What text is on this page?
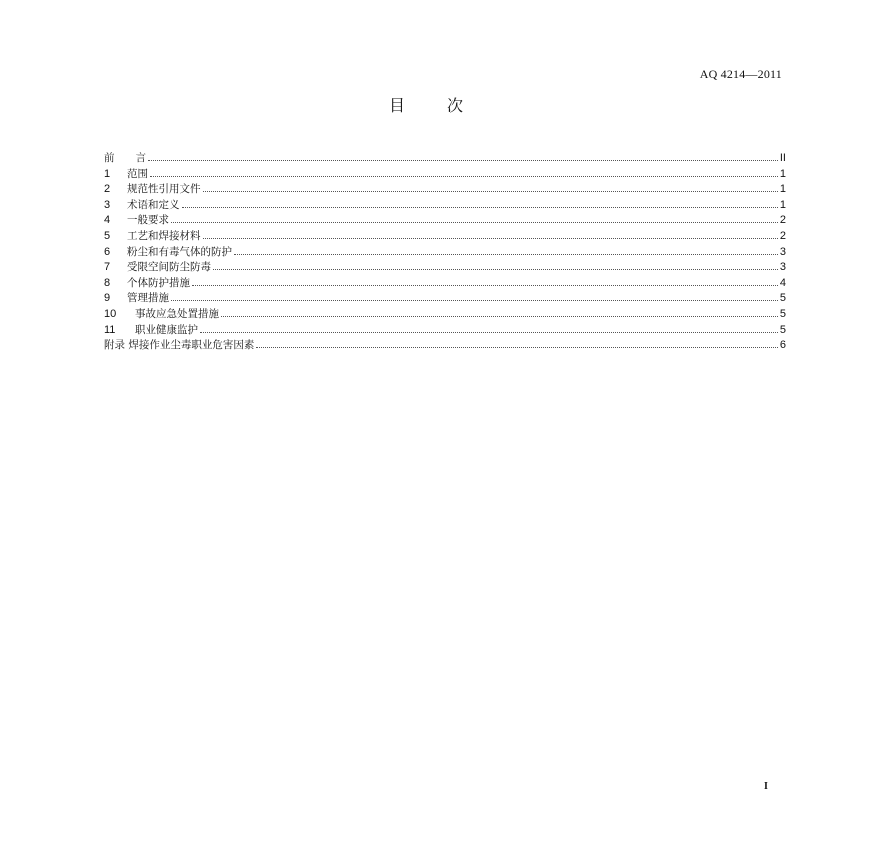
AQ 4214—2011
目次
前　　言	II
1	范围	1
2	规范性引用文件	1
3	术语和定义	1
4	一般要求	2
5	工艺和焊接材料	2
6	粉尘和有毒气体的防护	3
7	受限空间防尘防毒	3
8	个体防护措施	4
9	管理措施	5
10	事故应急处置措施	5
11	职业健康监护	5
附录 焊接作业尘毒职业危害因素	6
I
